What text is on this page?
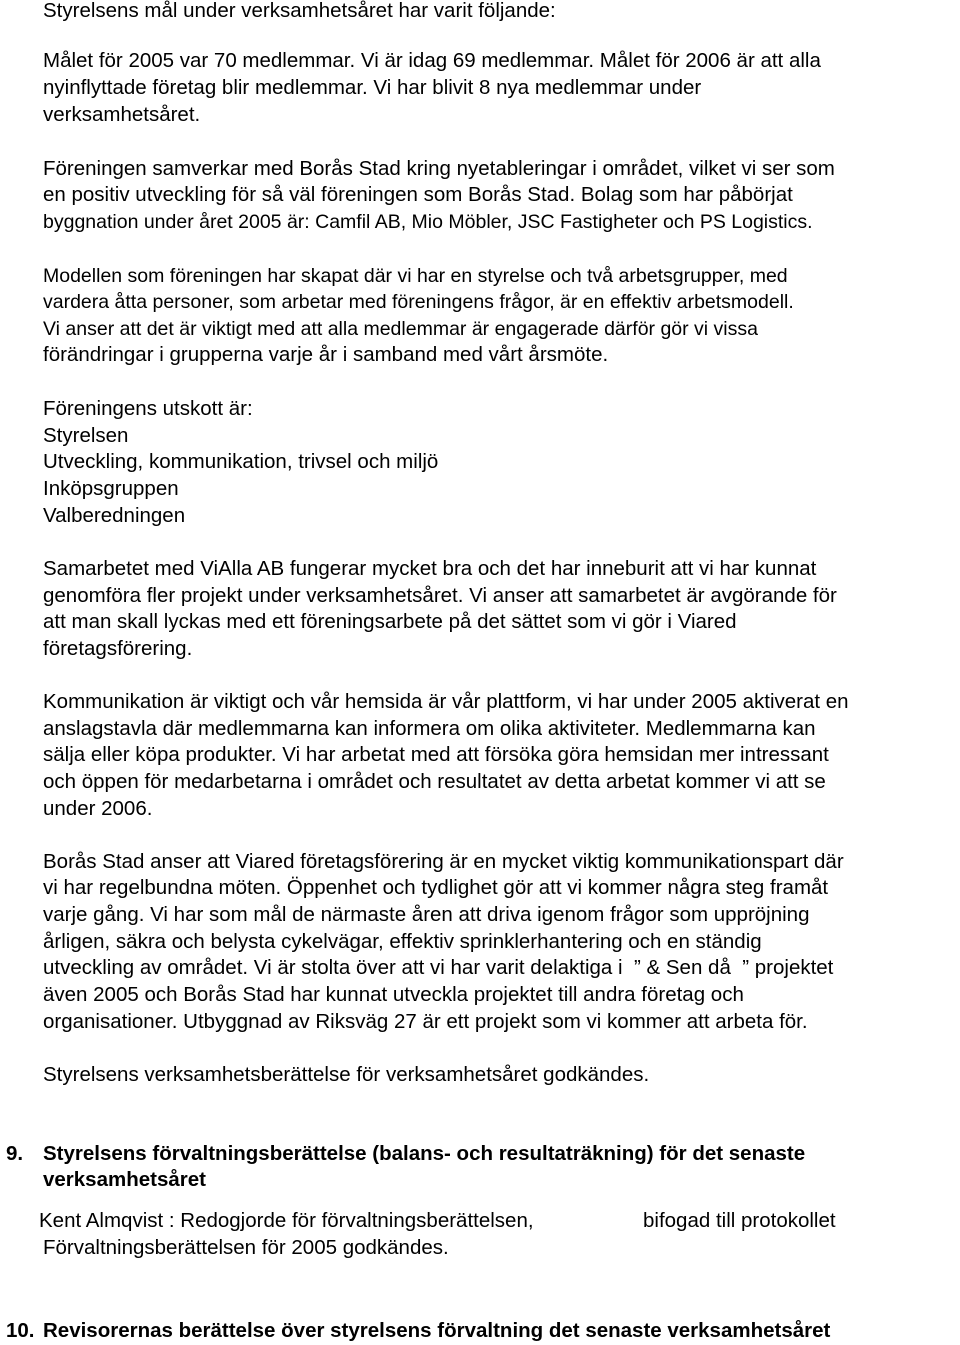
Styrelsens mål under verksamhetsåret har varit följande:

Målet för 2005 var 70 medlemmar. Vi är idag 69 medlemmar. Målet för 2006 är att alla

nyinflyttade företag blir medlemmar. Vi har blivit 8 nya medlemmar under

verksamhetsåret.

Föreningen samverkar med Borås Stad kring nyetableringar i området, vilket vi ser som

en positiv utveckling för så väl föreningen som Borås Stad. Bolag som har påbörjat

byggnation under året 2005 är: Camfil AB, Mio Möbler, JSC Fastigheter och PS Logistics.

Modellen som föreningen har skapat där vi har en styrelse och två arbetsgrupper, med

vardera åtta personer, som arbetar med föreningens frågor, är en effektiv arbetsmodell.

Vi anser att det är viktigt med att alla medlemmar är engagerade därför gör vi vissa

förändringar i grupperna varje år i samband med vårt årsmöte.

Föreningens utskott är:

Styrelsen

Utveckling, kommunikation, trivsel och miljö

Inköpsgruppen

Valberedningen

Samarbetet med ViAlla AB fungerar mycket bra och det har inneburit att vi har kunnat

genomföra fler projekt under verksamhetsåret. Vi anser att samarbetet är avgörande för

att man skall lyckas med ett föreningsarbete på det sättet som vi gör i Viared

företagsförering.

Kommunikation är viktigt och vår hemsida är vår plattform, vi har under 2005 aktiverat en

anslagstavla där medlemmarna kan informera om olika aktiviteter. Medlemmarna kan

sälja eller köpa produkter. Vi har arbetat med att försöka göra hemsidan mer intressant

och öppen för medarbetarna i området och resultatet av detta arbetat kommer vi att se

under 2006.

Borås Stad anser att Viared företagsförering är en mycket viktig kommunikationspart där

vi har regelbundna möten. Öppenhet och tydlighet gör att vi kommer några steg framåt

varje gång. Vi har som mål de närmaste åren att driva igenom frågor som uppröjning

årligen, säkra och belysta cykelvägar, effektiv sprinklerhantering och en ständig

utveckling av området. Vi är stolta över att vi har varit delaktiga i  ” & Sen då  ” projektet

även 2005 och Borås Stad har kunnat utveckla projektet till andra företag och

organisationer. Utbyggnad av Riksväg 27 är ett projekt som vi kommer att arbeta för.

Styrelsens verksamhetsberättelse för verksamhetsåret godkändes.

9. Styrelsens förvaltningsberättelse (balans- och resultaträkning) för det senaste

verksamhetsåret

Kent Almqvist : Redogjorde för förvaltningsberättelsen,	bifogad till protokollet

Förvaltningsberättelsen för 2005 godkändes.

10. Revisorernas berättelse över styrelsens förvaltning det senaste verksamhetsåret
